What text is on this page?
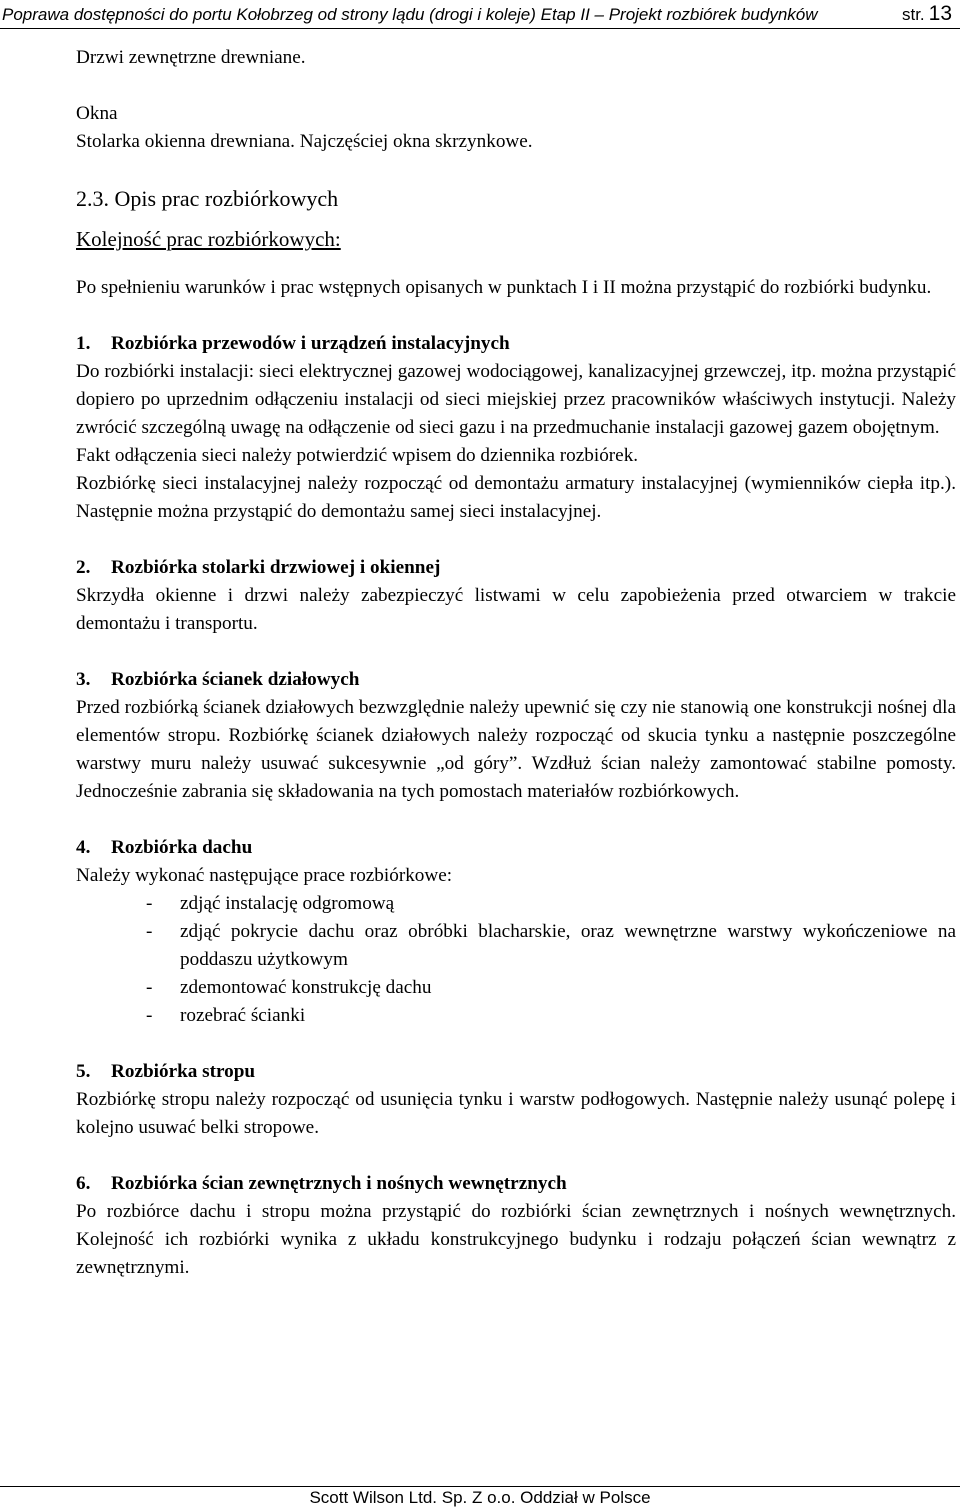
Poprawa dostępności do portu Kołobrzeg od strony lądu (drogi i koleje) Etap II – Projekt rozbiórek budynków	str. 13

Drzwi zewnętrzne drewniane.

Okna

Stolarka okienna drewniana. Najczęściej okna skrzynkowe.

2.3. Opis prac rozbiórkowych

Kolejność prac rozbiórkowych:

Po spełnieniu warunków i prac wstępnych opisanych w punktach I i II można przystąpić do rozbiórki budynku.

1. Rozbiórka przewodów i urządzeń instalacyjnych

Do rozbiórki instalacji: sieci elektrycznej gazowej wodociągowej, kanalizacyjnej grzewczej, itp. można przystąpić dopiero po uprzednim odłączeniu instalacji od sieci miejskiej przez pracowników właściwych instytucji. Należy zwrócić szczególną uwagę na odłączenie od sieci gazu i na przedmuchanie instalacji gazowej gazem obojętnym.

Fakt odłączenia sieci należy potwierdzić wpisem do dziennika rozbiórek.

Rozbiórkę sieci instalacyjnej należy rozpocząć od demontażu armatury instalacyjnej (wymienników ciepła itp.). Następnie można przystąpić do demontażu samej sieci instalacyjnej.

2. Rozbiórka stolarki drzwiowej i okiennej

Skrzydła okienne i drzwi należy zabezpieczyć listwami w celu zapobieżenia przed otwarciem w trakcie demontażu i transportu.

3. Rozbiórka ścianek działowych

Przed rozbiórką ścianek działowych bezwzględnie należy upewnić się czy nie stanowią one konstrukcji nośnej dla elementów stropu. Rozbiórkę ścianek działowych należy rozpocząć od skucia tynku a następnie poszczególne warstwy muru należy usuwać sukcesywnie „od góry”. Wzdłuż ścian należy zamontować stabilne pomosty. Jednocześnie zabrania się składowania na tych pomostach materiałów rozbiórkowych.

4. Rozbiórka dachu

Należy wykonać następujące prace rozbiórkowe:

- zdjąć instalację odgromową
- zdjąć pokrycie dachu oraz obróbki blacharskie, oraz wewnętrzne warstwy wykończeniowe na poddaszu użytkowym
- zdemontować konstrukcję dachu
- rozebrać ścianki

5. Rozbiórka stropu

Rozbiórkę stropu należy rozpocząć od usunięcia tynku i warstw podłogowych. Następnie należy usunąć polepę i kolejno usuwać belki stropowe.

6. Rozbiórka ścian zewnętrznych i nośnych wewnętrznych

Po rozbiórce dachu i stropu można przystąpić do rozbiórki ścian zewnętrznych i nośnych wewnętrznych. Kolejność ich rozbiórki wynika z układu konstrukcyjnego budynku i rodzaju połączeń ścian wewnątrz z zewnętrznymi.

Scott Wilson Ltd. Sp. Z o.o. Oddział w Polsce
